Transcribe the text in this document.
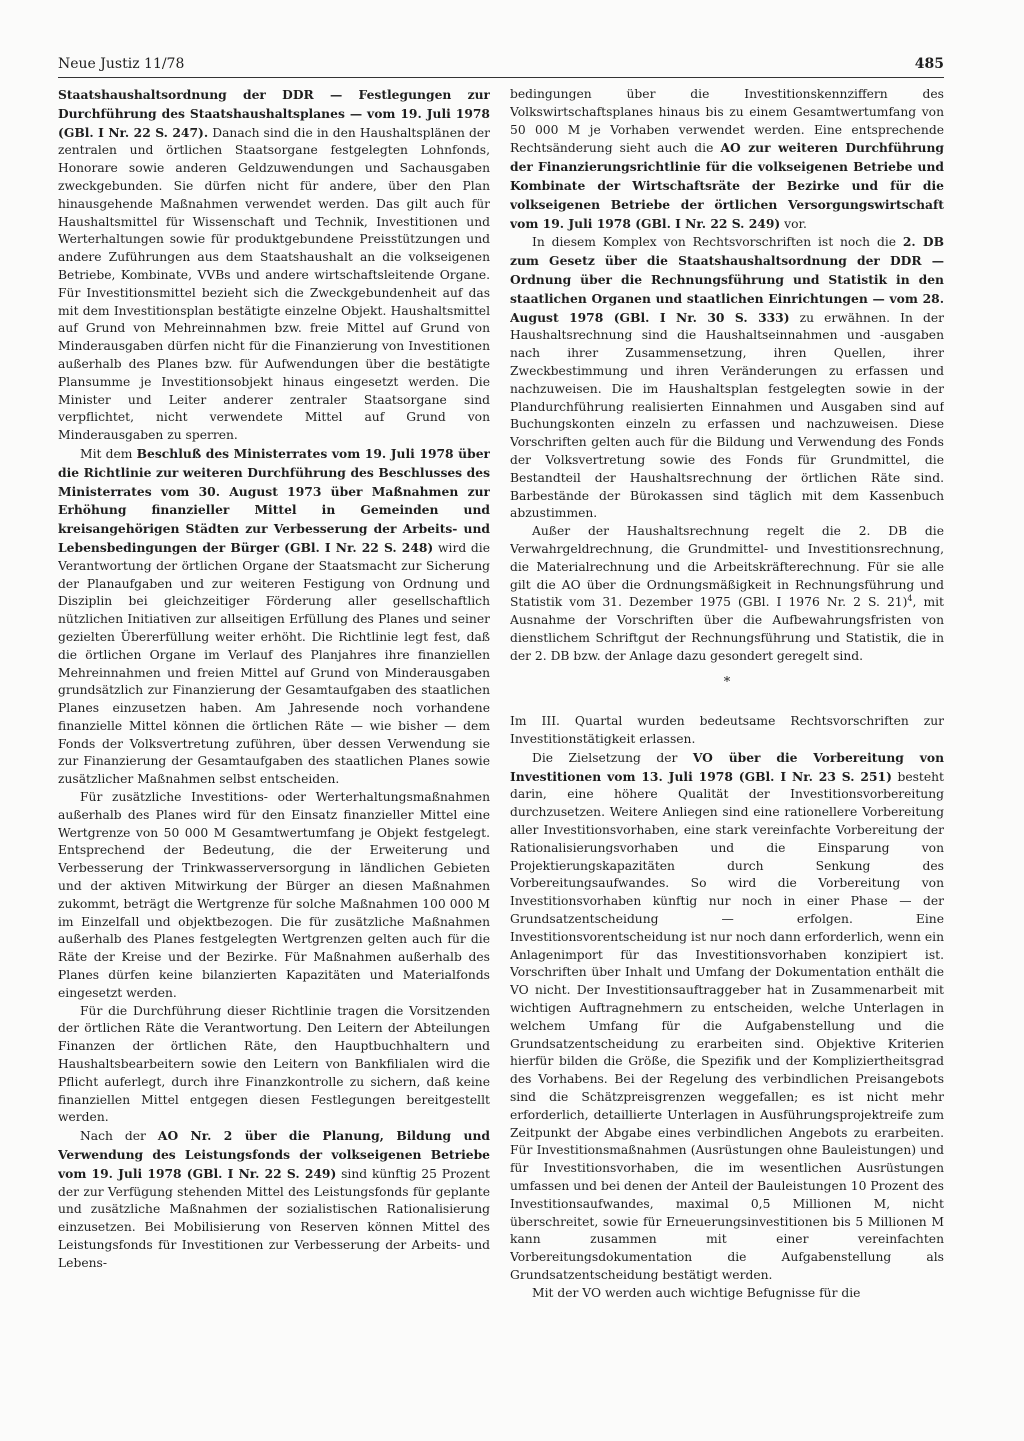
Neue Justiz 11/78	485

Staatshaushaltsordnung der DDR — Festlegungen zur Durchführung des Staatshaushaltsplanes — vom 19. Juli 1978 (GBl. I Nr. 22 S. 247). Danach sind die in den Haushaltsplänen der zentralen und örtlichen Staatsorgane festgelegten Lohnfonds, Honorare sowie anderen Geldzuwendungen und Sachausgaben zweckgebunden. Sie dürfen nicht für andere, über den Plan hinausgehende Maßnahmen verwendet werden. Das gilt auch für Haushaltsmittel für Wissenschaft und Technik, Investitionen und Werterhaltungen sowie für produktgebundene Preisstützungen und andere Zuführungen aus dem Staatshaushalt an die volkseigenen Betriebe, Kombinate, VVBs und andere wirtschaftsleitende Organe. Für Investitionsmittel bezieht sich die Zweckgebundenheit auf das mit dem Investitionsplan bestätigte einzelne Objekt. Haushaltsmittel auf Grund von Mehreinnahmen bzw. freie Mittel auf Grund von Minderausgaben dürfen nicht für die Finanzierung von Investitionen außerhalb des Planes bzw. für Aufwendungen über die bestätigte Plansumme je Investitionsobjekt hinaus eingesetzt werden. Die Minister und Leiter anderer zentraler Staatsorgane sind verpflichtet, nicht verwendete Mittel auf Grund von Minderausgaben zu sperren.

Mit dem Beschluß des Ministerrates vom 19. Juli 1978 über die Richtlinie zur weiteren Durchführung des Beschlusses des Ministerrates vom 30. August 1973 über Maßnahmen zur Erhöhung finanzieller Mittel in Gemeinden und kreisangehörigen Städten zur Verbesserung der Arbeits- und Lebensbedingungen der Bürger (GBl. I Nr. 22 S. 248) wird die Verantwortung der örtlichen Organe der Staatsmacht zur Sicherung der Planaufgaben und zur weiteren Festigung von Ordnung und Disziplin bei gleichzeitiger Förderung aller gesellschaftlich nützlichen Initiativen zur allseitigen Erfüllung des Planes und seiner gezielten Übererfüllung weiter erhöht. Die Richtlinie legt fest, daß die örtlichen Organe im Verlauf des Planjahres ihre finanziellen Mehreinnahmen und freien Mittel auf Grund von Minderausgaben grundsätzlich zur Finanzierung der Gesamtaufgaben des staatlichen Planes einzusetzen haben. Am Jahresende noch vorhandene finanzielle Mittel können die örtlichen Räte — wie bisher — dem Fonds der Volksvertretung zuführen, über dessen Verwendung sie zur Finanzierung der Gesamtaufgaben des staatlichen Planes sowie zusätzlicher Maßnahmen selbst entscheiden.

Für zusätzliche Investitions- oder Werterhaltungsmaßnahmen außerhalb des Planes wird für den Einsatz finanzieller Mittel eine Wertgrenze von 50 000 M Gesamtwertumfang je Objekt festgelegt. Entsprechend der Bedeutung, die der Erweiterung und Verbesserung der Trinkwasserversorgung in ländlichen Gebieten und der aktiven Mitwirkung der Bürger an diesen Maßnahmen zukommt, beträgt die Wertgrenze für solche Maßnahmen 100 000 M im Einzelfall und objektbezogen. Die für zusätzliche Maßnahmen außerhalb des Planes festgelegten Wertgrenzen gelten auch für die Räte der Kreise und der Bezirke. Für Maßnahmen außerhalb des Planes dürfen keine bilanzierten Kapazitäten und Materialfonds eingesetzt werden.

Für die Durchführung dieser Richtlinie tragen die Vorsitzenden der örtlichen Räte die Verantwortung. Den Leitern der Abteilungen Finanzen der örtlichen Räte, den Hauptbuchhaltern und Haushaltsbearbeitern sowie den Leitern von Bankfilialen wird die Pflicht auferlegt, durch ihre Finanzkontrolle zu sichern, daß keine finanziellen Mittel entgegen diesen Festlegungen bereitgestellt werden.

Nach der AO Nr. 2 über die Planung, Bildung und Verwendung des Leistungsfonds der volkseigenen Betriebe vom 19. Juli 1978 (GBl. I Nr. 22 S. 249) sind künftig 25 Prozent der zur Verfügung stehenden Mittel des Leistungsfonds für geplante und zusätzliche Maßnahmen der sozialistischen Rationalisierung einzusetzen. Bei Mobilisierung von Reserven können Mittel des Leistungsfonds für Investitionen zur Verbesserung der Arbeits- und Lebens-

bedingungen über die Investitionskennziffern des Volkswirtschaftsplanes hinaus bis zu einem Gesamtwertumfang von 50 000 M je Vorhaben verwendet werden. Eine entsprechende Rechtsänderung sieht auch die AO zur weiteren Durchführung der Finanzierungsrichtlinie für die volkseigenen Betriebe und Kombinate der Wirtschaftsräte der Bezirke und für die volkseigenen Betriebe der örtlichen Versorgungswirtschaft vom 19. Juli 1978 (GBl. I Nr. 22 S. 249) vor.

In diesem Komplex von Rechtsvorschriften ist noch die 2. DB zum Gesetz über die Staatshaushaltsordnung der DDR — Ordnung über die Rechnungsführung und Statistik in den staatlichen Organen und staatlichen Einrichtungen — vom 28. August 1978 (GBl. I Nr. 30 S. 333) zu erwähnen. In der Haushaltsrechnung sind die Haushaltseinnahmen und -ausgaben nach ihrer Zusammensetzung, ihren Quellen, ihrer Zweckbestimmung und ihren Veränderungen zu erfassen und nachzuweisen. Die im Haushaltsplan festgelegten sowie in der Plandurchführung realisierten Einnahmen und Ausgaben sind auf Buchungskonten einzeln zu erfassen und nachzuweisen. Diese Vorschriften gelten auch für die Bildung und Verwendung des Fonds der Volksvertretung sowie des Fonds für Grundmittel, die Bestandteil der Haushaltsrechnung der örtlichen Räte sind. Barbestände der Bürokassen sind täglich mit dem Kassenbuch abzustimmen.

Außer der Haushaltsrechnung regelt die 2. DB die Verwahrgeldrechnung, die Grundmittel- und Investitionsrechnung, die Materialrechnung und die Arbeitskräfterechnung. Für sie alle gilt die AO über die Ordnungsmäßigkeit in Rechnungsführung und Statistik vom 31. Dezember 1975 (GBl. I 1976 Nr. 2 S. 21)$^4$, mit Ausnahme der Vorschriften über die Aufbewahrungsfristen von dienstlichem Schriftgut der Rechnungsführung und Statistik, die in der 2. DB bzw. der Anlage dazu gesondert geregelt sind.

*

Im III. Quartal wurden bedeutsame Rechtsvorschriften zur Investitionstätigkeit erlassen.

Die Zielsetzung der VO über die Vorbereitung von Investitionen vom 13. Juli 1978 (GBl. I Nr. 23 S. 251) besteht darin, eine höhere Qualität der Investitionsvorbereitung durchzusetzen. Weitere Anliegen sind eine rationellere Vorbereitung aller Investitionsvorhaben, eine stark vereinfachte Vorbereitung der Rationalisierungsvorhaben und die Einsparung von Projektierungskapazitäten durch Senkung des Vorbereitungsaufwandes. So wird die Vorbereitung von Investitionsvorhaben künftig nur noch in einer Phase — der Grundsatzentscheidung — erfolgen. Eine Investitionsvorentscheidung ist nur noch dann erforderlich, wenn ein Anlagenimport für das Investitionsvorhaben konzipiert ist. Vorschriften über Inhalt und Umfang der Dokumentation enthält die VO nicht. Der Investitionsauftraggeber hat in Zusammenarbeit mit wichtigen Auftragnehmern zu entscheiden, welche Unterlagen in welchem Umfang für die Aufgabenstellung und die Grundsatzentscheidung zu erarbeiten sind. Objektive Kriterien hierfür bilden die Größe, die Spezifik und der Kompliziertheitsgrad des Vorhabens. Bei der Regelung des verbindlichen Preisangebots sind die Schätzpreisgrenzen weggefallen; es ist nicht mehr erforderlich, detaillierte Unterlagen in Ausführungsprojektreife zum Zeitpunkt der Abgabe eines verbindlichen Angebots zu erarbeiten. Für Investitionsmaßnahmen (Ausrüstungen ohne Bauleistungen) und für Investitionsvorhaben, die im wesentlichen Ausrüstungen umfassen und bei denen der Anteil der Bauleistungen 10 Prozent des Investitionsaufwandes, maximal 0,5 Millionen M, nicht überschreitet, sowie für Erneuerungsinvestitionen bis 5 Millionen M kann zusammen mit einer vereinfachten Vorbereitungsdokumentation die Aufgabenstellung als Grundsatzentscheidung bestätigt werden.

Mit der VO werden auch wichtige Befugnisse für die
